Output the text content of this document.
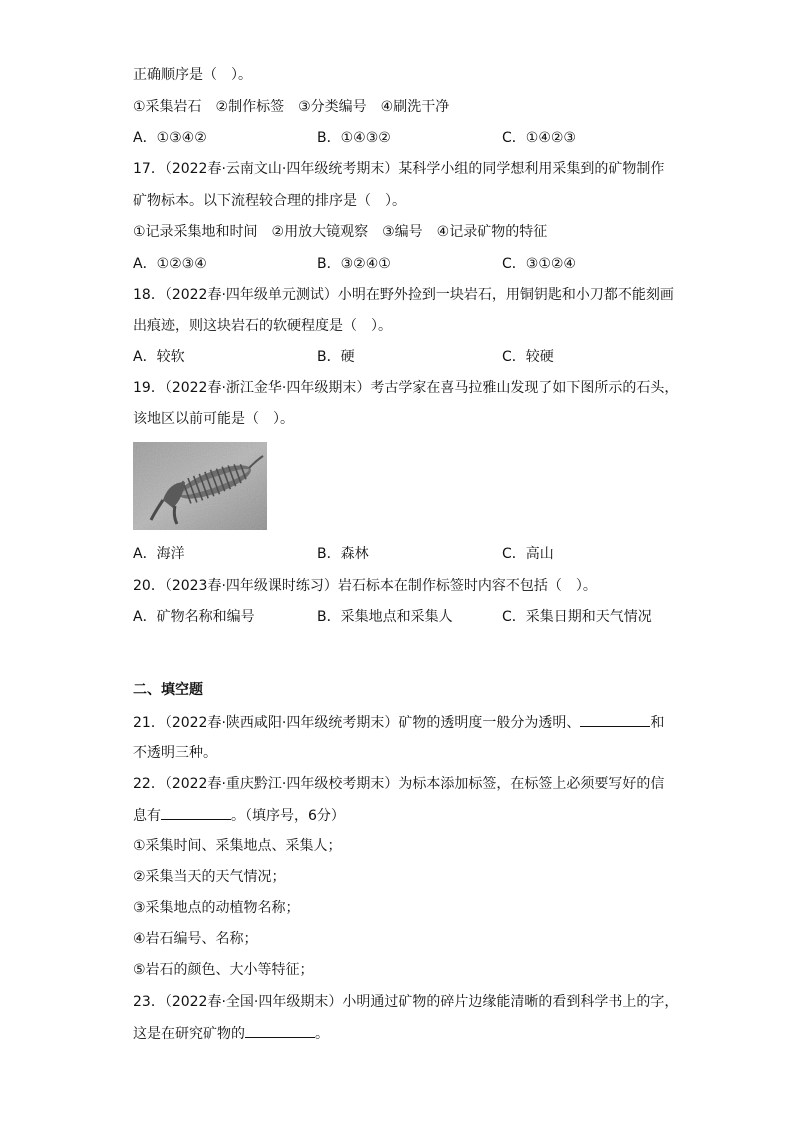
正确顺序是（　）。
①采集岩石　②制作标签　③分类编号　④刷洗干净
A．①③④②	B．①④③②	C．①④②③
17．（2022春·云南文山·四年级统考期末）某科学小组的同学想利用采集到的矿物制作
矿物标本。以下流程较合理的排序是（　）。
①记录采集地和时间　②用放大镜观察　③编号　④记录矿物的特征
A．①②③④	B．③②④①	C．③①②④
18．（2022春·四年级单元测试）小明在野外捡到一块岩石，用铜钥匙和小刀都不能刻画
出痕迹，则这块岩石的软硬程度是（　）。
A．较软	B．硬	C．较硬
19．（2022春·浙江金华·四年级期末）考古学家在喜马拉雅山发现了如下图所示的石头，
该地区以前可能是（　）。
A．海洋	B．森林	C．高山
20．（2023春·四年级课时练习）岩石标本在制作标签时内容不包括（　）。
A．矿物名称和编号	B．采集地点和采集人	C．采集日期和天气情况
二、填空题
21．（2022春·陕西咸阳·四年级统考期末）矿物的透明度一般分为透明、	和
不透明三种。
22．（2022春·重庆黔江·四年级校考期末）为标本添加标签，在标签上必须要写好的信
息有	。（填序号，6分）
①采集时间、采集地点、采集人；
②采集当天的天气情况；
③采集地点的动植物名称；
④岩石编号、名称；
⑤岩石的颜色、大小等特征；
23．（2022春·全国·四年级期末）小明通过矿物的碎片边缘能清晰的看到科学书上的字，
这是在研究矿物的	。
